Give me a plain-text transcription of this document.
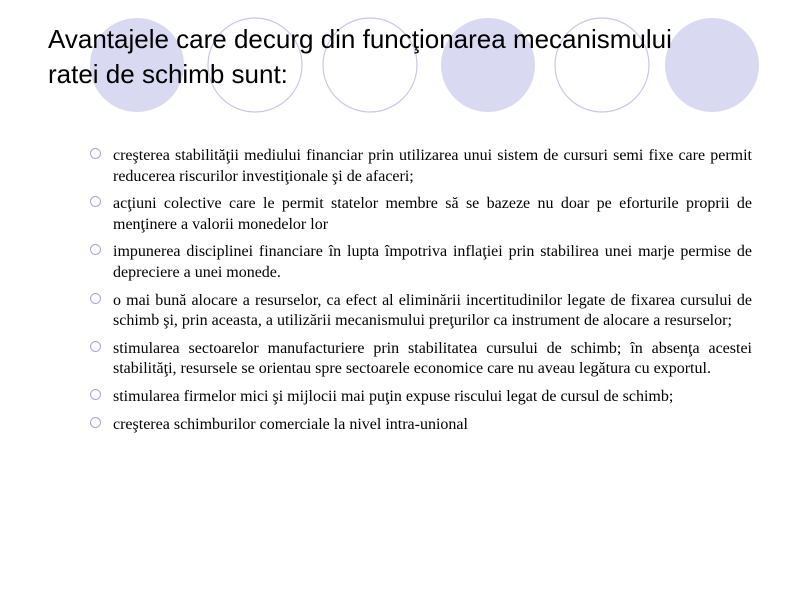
Avantajele care decurg din funcţionarea mecanismului
ratei de schimb sunt:
creşterea stabilităţii mediului financiar prin utilizarea unui sistem de cursuri semi fixe care permit reducerea riscurilor investiţionale şi de afaceri;
acţiuni colective care le permit statelor membre să se bazeze nu doar pe eforturile proprii de menţinere a valorii monedelor lor
impunerea disciplinei financiare în lupta împotriva inflaţiei prin stabilirea unei marje permise de depreciere a unei monede.
o mai bună alocare a resurselor, ca efect al eliminării incertitudinilor legate de fixarea cursului de schimb şi, prin aceasta, a utilizării mecanismului preţurilor ca instrument de alocare a resurselor;
stimularea sectoarelor manufacturiere prin stabilitatea cursului de schimb; în absenţa acestei stabilităţi, resursele se orientau spre sectoarele economice care nu aveau legătura cu exportul.
stimularea firmelor mici şi mijlocii mai puţin expuse riscului legat de cursul de schimb;
creşterea schimburilor comerciale la nivel intra-unional
